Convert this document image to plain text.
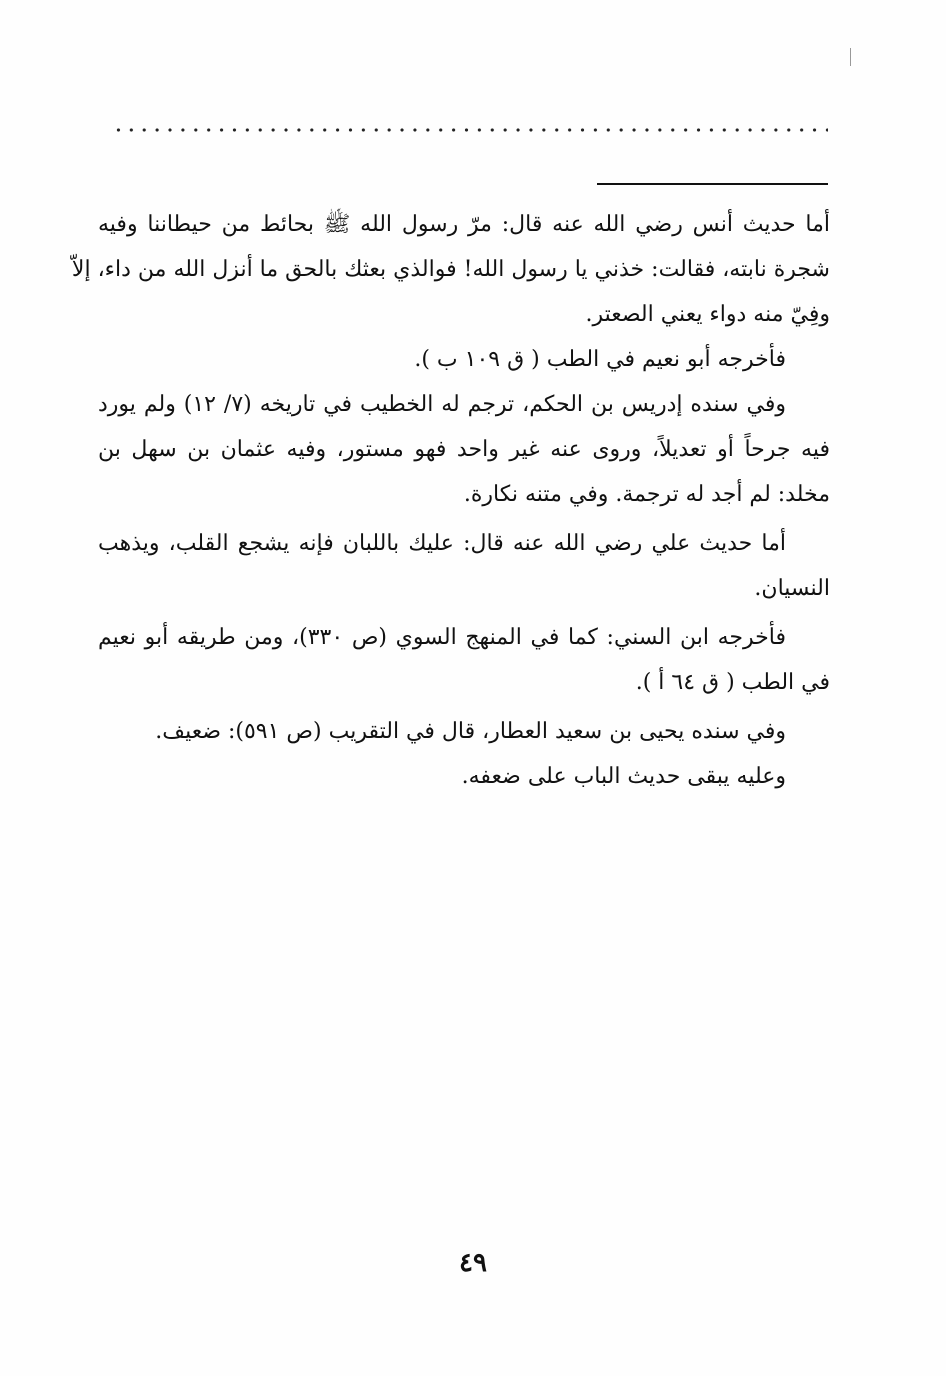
أما حديث أنس رضي الله عنه قال: مرّ رسول الله ﷺ بحائط من حيطاننا وفيه
شجرة نابته، فقالت: خذني يا رسول الله! فوالذي بعثك بالحق ما أنزل الله من داء، إلاّ
وفِيّ منه دواء يعني الصعتر.

فأخرجه أبو نعيم في الطب ( ق ١٠٩ ب ).

وفي سنده إدريس بن الحكم، ترجم له الخطيب في تاريخه (٧/ ١٢) ولم يورد
فيه جرحاً أو تعديلاً، وروى عنه غير واحد فهو مستور، وفيه عثمان بن سهل بن
مخلد: لم أجد له ترجمة. وفي متنه نكارة.

أما حديث علي رضي الله عنه قال: عليك باللبان فإنه يشجع القلب، ويذهب
النسيان.

فأخرجه ابن السني: كما في المنهج السوي (ص ٣٣٠)، ومن طريقه أبو نعيم
في الطب ( ق ٦٤ أ ).

وفي سنده يحيى بن سعيد العطار، قال في التقريب (ص ٥٩١): ضعيف.

وعليه يبقى حديث الباب على ضعفه.

٤٩
